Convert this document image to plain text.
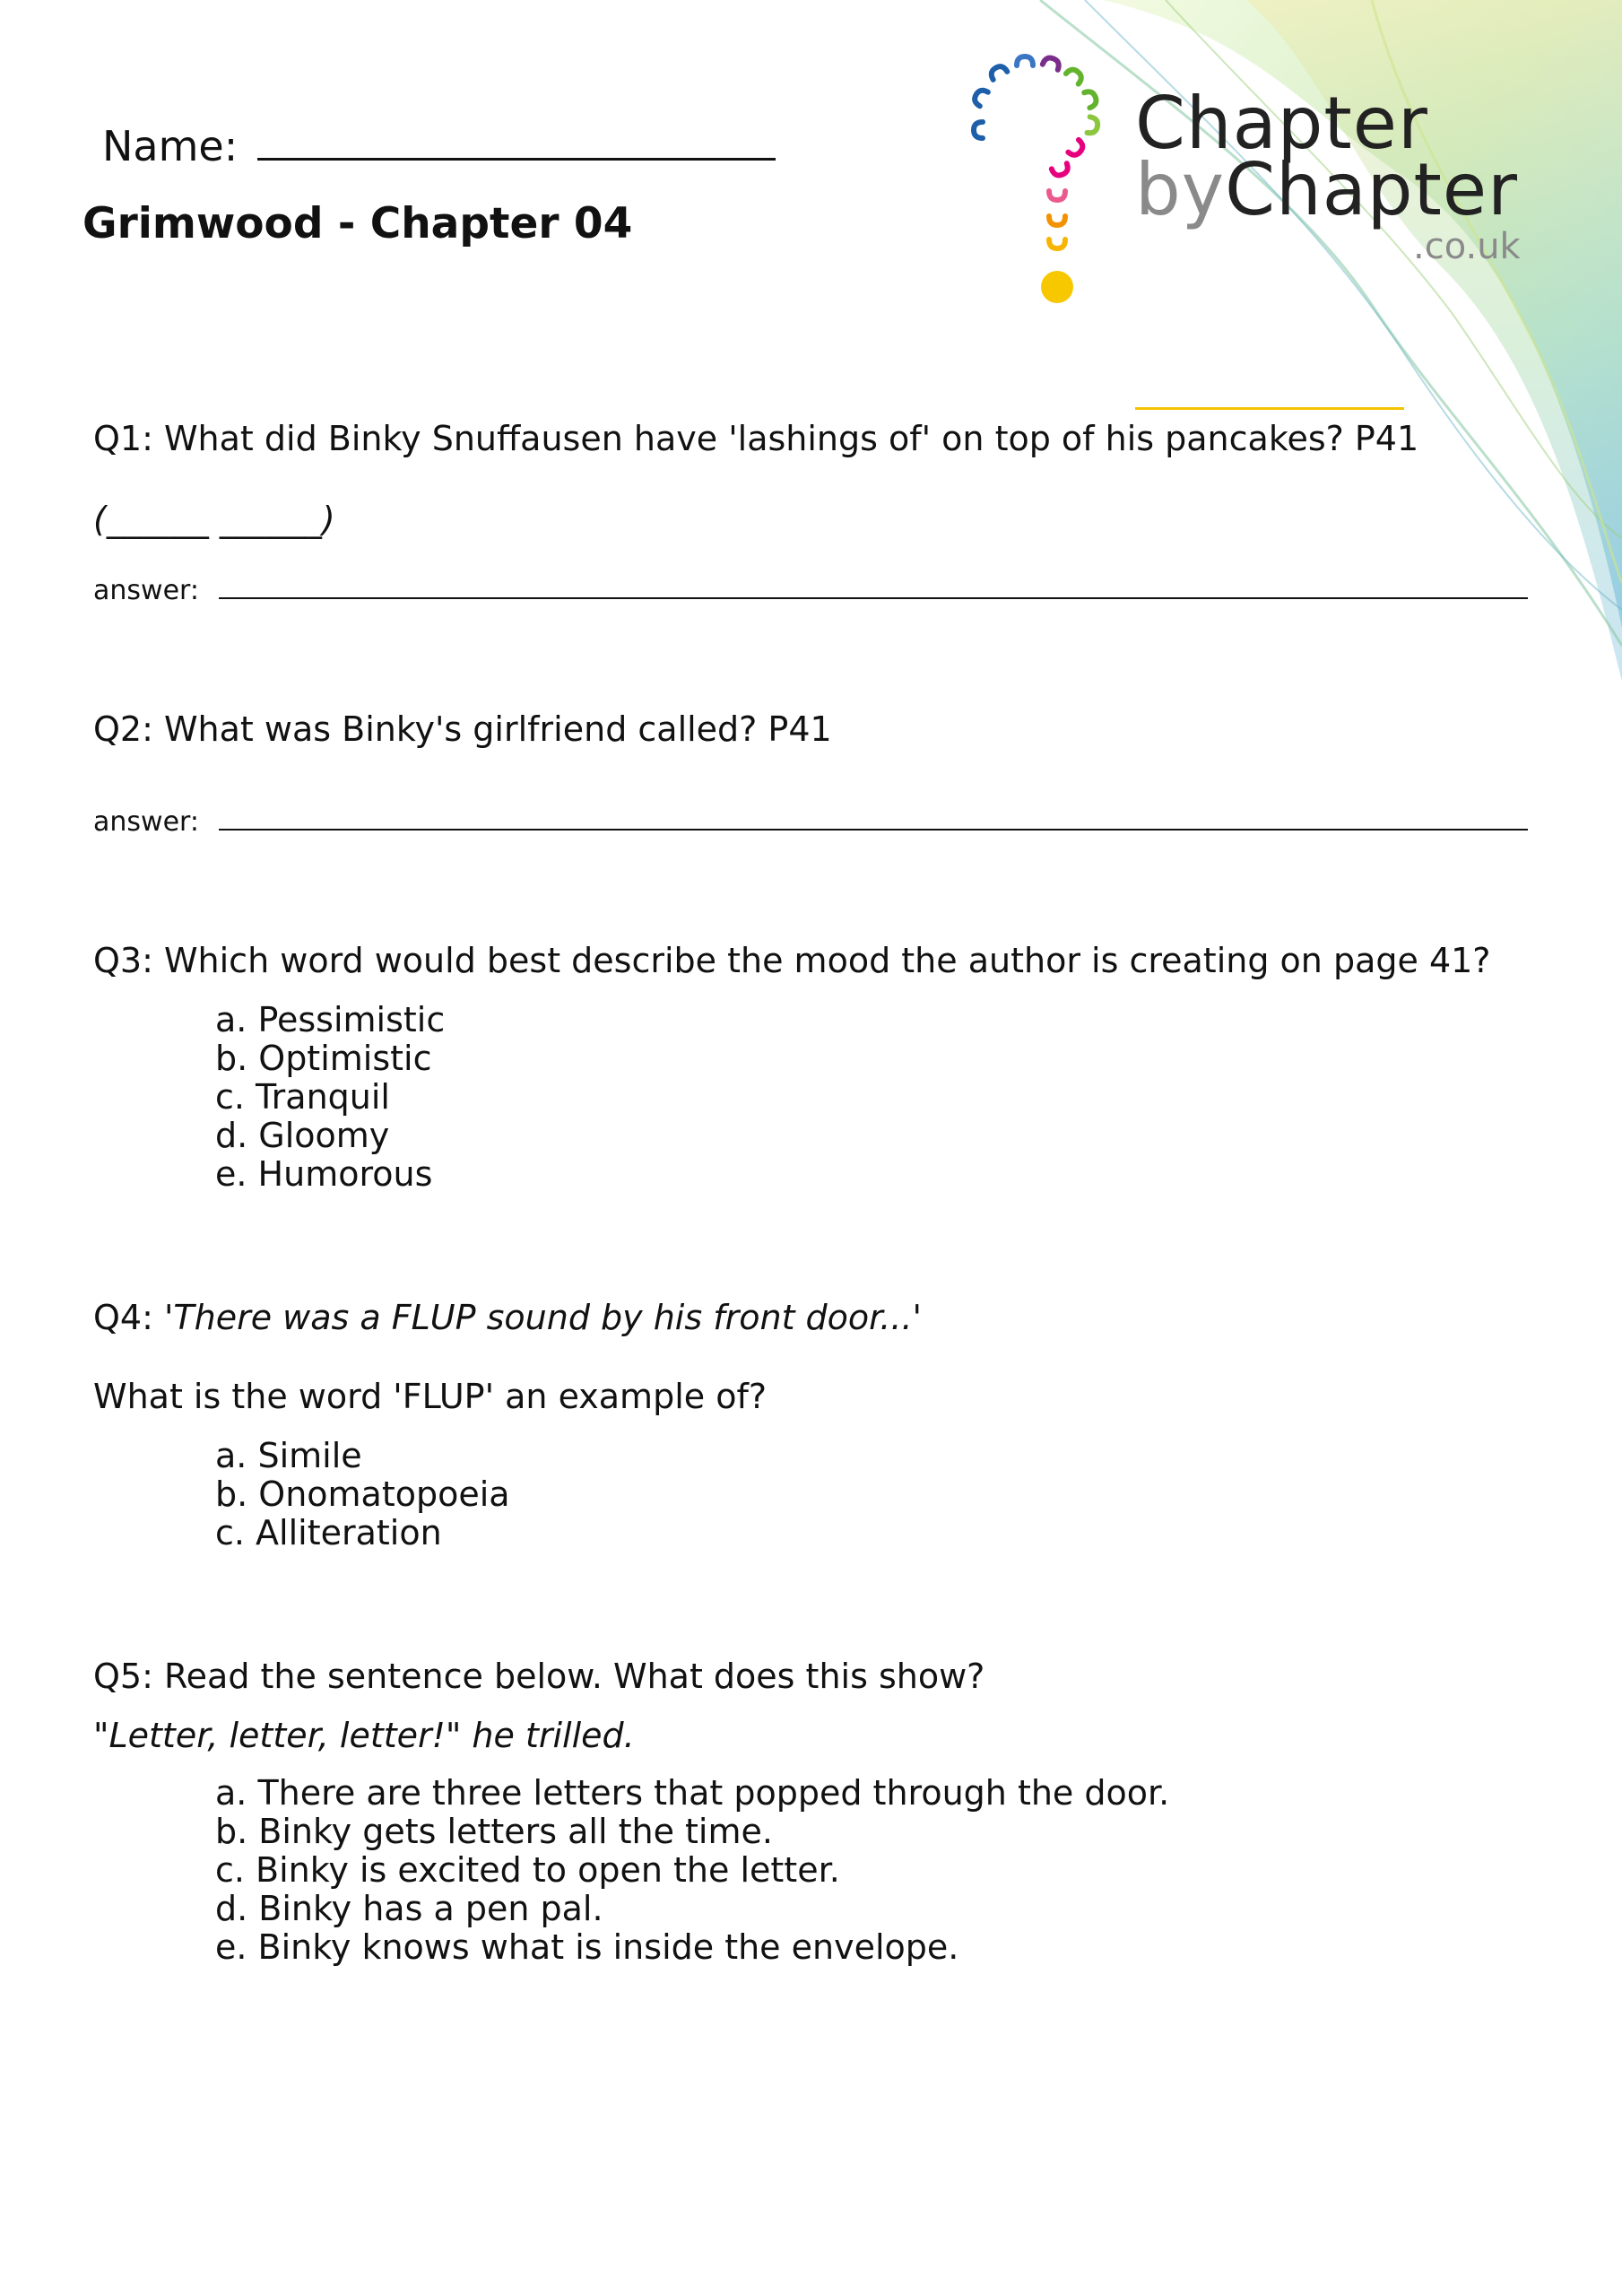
Name:
Grimwood - Chapter 04
Chapter
byChapter
.co.uk
Q1: What did Binky Snuffausen have 'lashings of' on top of his pancakes? P41
(______ ______)
answer:
Q2: What was Binky's girlfriend called? P41
answer:
Q3: Which word would best describe the mood the author is creating on page 41?
a. Pessimistic
b. Optimistic
c. Tranquil
d. Gloomy
e. Humorous
Q4: 'There was a FLUP sound by his front door...'
What is the word 'FLUP' an example of?
a. Simile
b. Onomatopoeia
c. Alliteration
Q5: Read the sentence below. What does this show?
"Letter, letter, letter!" he trilled.
a. There are three letters that popped through the door.
b. Binky gets letters all the time.
c. Binky is excited to open the letter.
d. Binky has a pen pal.
e. Binky knows what is inside the envelope.
